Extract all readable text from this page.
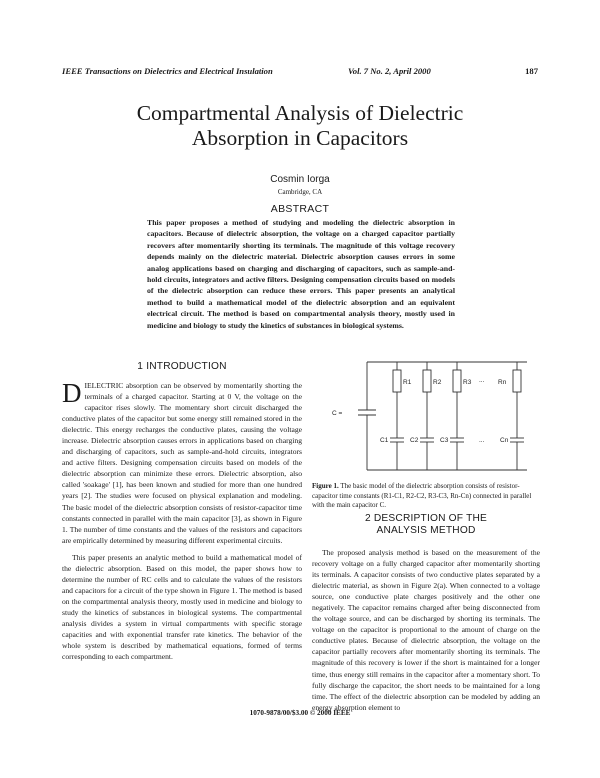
IEEE Transactions on Dielectrics and Electrical Insulation	Vol. 7 No. 2, April 2000	187
Compartmental Analysis of Dielectric Absorption in Capacitors
Cosmin Iorga
Cambridge, CA
ABSTRACT
This paper proposes a method of studying and modeling the dielectric absorption in capacitors. Because of dielectric absorption, the voltage on a charged capacitor partially recovers after momentarily shorting its terminals. The magnitude of this voltage recovery depends mainly on the dielectric material. Dielectric absorption causes errors in some analog applications based on charging and discharging of capacitors, such as sample-and-hold circuits, integrators and active filters. Designing compensation circuits based on models of the dielectric absorption can reduce these errors. This paper presents an analytical method to build a mathematical model of the dielectric absorption and an equivalent electrical circuit. The method is based on compartmental analysis theory, mostly used in medicine and biology to study the kinetics of substances in biological systems.
1 INTRODUCTION

DIELECTRIC absorption can be observed by momentarily shorting the terminals of a charged capacitor. Starting at 0 V, the voltage on the capacitor rises slowly. The momentary short circuit discharged the conductive plates of the capacitor but some energy still remained stored in the dielectric. This energy recharges the conductive plates, causing the voltage increase. Dielectric absorption causes errors in applications based on charging and discharging of capacitors, such as sample-and-hold circuits, integrators and active filters. Designing compensation circuits based on models of the dielectric absorption can minimize these errors. Dielectric absorption, also called 'soakage' [1], has been known and studied for more than one hundred years [2]. The studies were focused on physical explanation and modeling. The basic model of the dielectric absorption consists of resistor-capacitor time constants connected in parallel with the main capacitor [3], as shown in Figure 1. The number of time constants and the values of the resistors and capacitors are empirically determined by measuring different experimental circuits.

This paper presents an analytic method to build a mathematical model of the dielectric absorption. Based on this model, the paper shows how to determine the number of RC cells and to calculate the values of the resistors and capacitors for a circuit of the type shown in Figure 1. The method is based on the compartmental analysis theory, mostly used in medicine and biology to study the kinetics of substances in biological systems. The compartmental analysis divides a system in virtual compartments with specific storage capacities and with exponential transfer rate kinetics. The behavior of the whole system is described by mathematical equations, formed of terms corresponding to each compartment.

C =
R1	R2	R3	Rn
C1	C2	C3	Cn
...
...
Figure 1. The basic model of the dielectric absorption consists of resistor-capacitor time constants (R1-C1, R2-C2, R3-C3, Rn-Cn) connected in parallel with the main capacitor C.
2 DESCRIPTION OF THE
ANALYSIS METHOD

The proposed analysis method is based on the measurement of the recovery voltage on a fully charged capacitor after momentarily shorting its terminals. A capacitor consists of two conductive plates separated by a dielectric material, as shown in Figure 2(a). When connected to a voltage source, one conductive plate charges positively and the other one negatively. The capacitor remains charged after being disconnected from the voltage source, and can be discharged by shorting its terminals. The voltage on the capacitor is proportional to the amount of charge on the conductive plates. Because of dielectric absorption, the voltage on the capacitor partially recovers after momentarily shorting its terminals. The magnitude of this recovery is lower if the short is maintained for a longer time, thus energy still remains in the capacitor after a momentary short. To fully discharge the capacitor, the short needs to be maintained for a long time. The effect of the dielectric absorption can be modeled by adding an energy absorption element to

1070-9878/00/$3.00 © 2000 IEEE
